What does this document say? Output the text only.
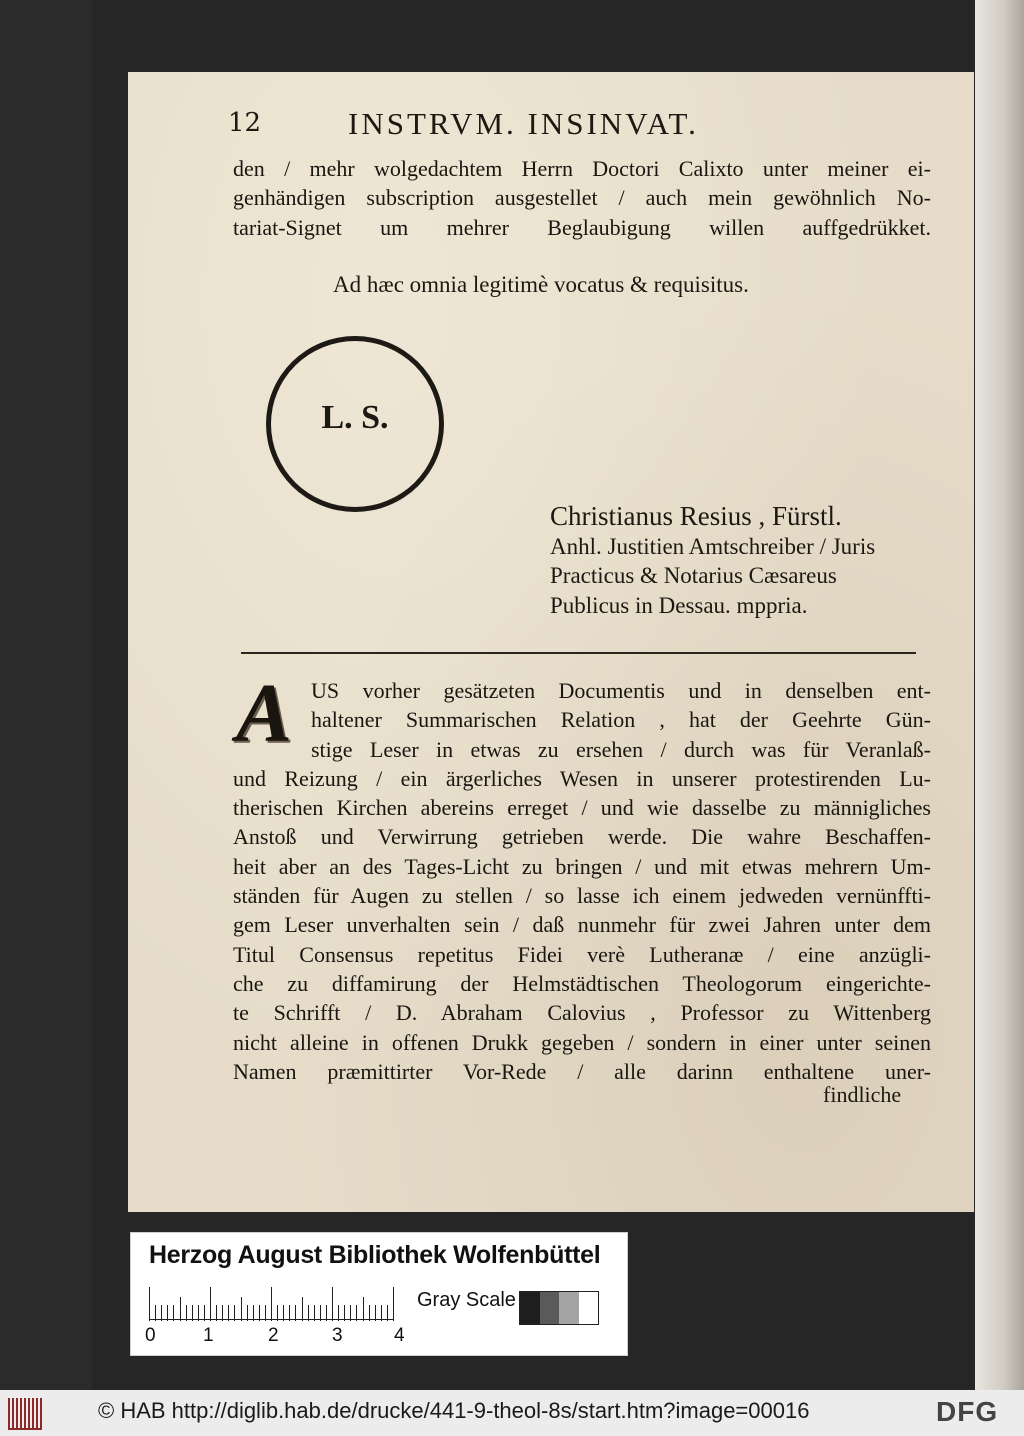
12	INSTRVM. INSINVAT.
den / mehr wolgedachtem Herrn Doctori Calixto unter meiner ei-
genhändigen subscription ausgestellet / auch mein gewöhnlich No-
tariat-Signet um mehrer Beglaubigung willen auffgedrükket.
Ad hæc omnia legitimè vocatus & requisitus.
L. S.
Christianus Resius , Fürstl.
Anhl. Justitien Amtschreiber / Juris
Practicus & Notarius Cæsareus
Publicus in Dessau. mppria.
A US vorher gesätzeten Documentis und in denselben ent-
haltener Summarischen Relation , hat der Geehrte Gün-
stige Leser in etwas zu ersehen / durch was für Veranlaß-
und Reizung / ein ärgerliches Wesen in unserer protestirenden Lu-
therischen Kirchen abereins erreget / und wie dasselbe zu männigliches
Anstoß und Verwirrung getrieben werde. Die wahre Beschaffen-
heit aber an des Tages-Licht zu bringen / und mit etwas mehrern Um-
ständen für Augen zu stellen / so lasse ich einem jedweden vernünffti-
gem Leser unverhalten sein / daß nunmehr für zwei Jahren unter dem
Titul Consensus repetitus Fidei verè Lutheranæ / eine anzügli-
che zu diffamirung der Helmstädtischen Theologorum eingerichte-
te Schrifft / D. Abraham Calovius , Professor zu Wittenberg
nicht alleine in offenen Drukk gegeben / sondern in einer unter seinen
Namen præmittirter Vor-Rede / alle darinn enthaltene uner-
findliche
Herzog August Bibliothek Wolfenbüttel
0 1	2	3	4
Gray Scale
© HAB http://diglib.hab.de/drucke/441-9-theol-8s/start.htm?image=00016	DFG
